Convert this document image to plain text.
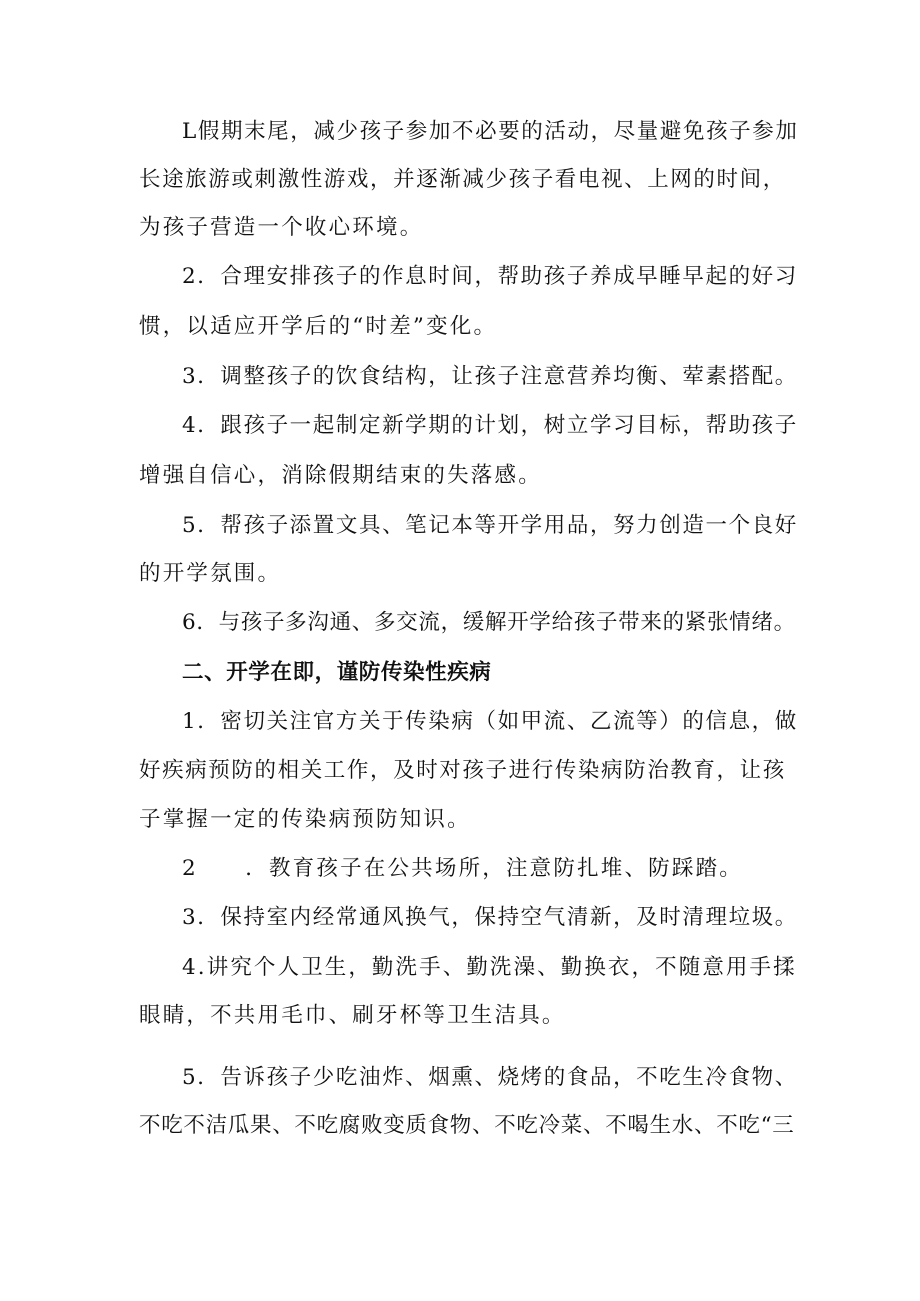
L假期末尾，减少孩子参加不必要的活动，尽量避免孩子参加
长途旅游或刺激性游戏，并逐渐减少孩子看电视、上网的时间，
为孩子营造一个收心环境。
2．合理安排孩子的作息时间，帮助孩子养成早睡早起的好习
惯，以适应开学后的“时差”变化。
3．调整孩子的饮食结构，让孩子注意营养均衡、荤素搭配。
4．跟孩子一起制定新学期的计划，树立学习目标，帮助孩子
增强自信心，消除假期结束的失落感。
5．帮孩子添置文具、笔记本等开学用品，努力创造一个良好
的开学氛围。
6．与孩子多沟通、多交流，缓解开学给孩子带来的紧张情绪。
二、开学在即，谨防传染性疾病
1．密切关注官方关于传染病（如甲流、乙流等）的信息，做
好疾病预防的相关工作，及时对孩子进行传染病防治教育，让孩
子掌握一定的传染病预防知识。
2　　．教育孩子在公共场所，注意防扎堆、防踩踏。
3．保持室内经常通风换气，保持空气清新，及时清理垃圾。
4.讲究个人卫生，勤洗手、勤洗澡、勤换衣，不随意用手揉
眼睛，不共用毛巾、刷牙杯等卫生洁具。
5．告诉孩子少吃油炸、烟熏、烧烤的食品，不吃生冷食物、
不吃不洁瓜果、不吃腐败变质食物、不吃冷菜、不喝生水、不吃“三
